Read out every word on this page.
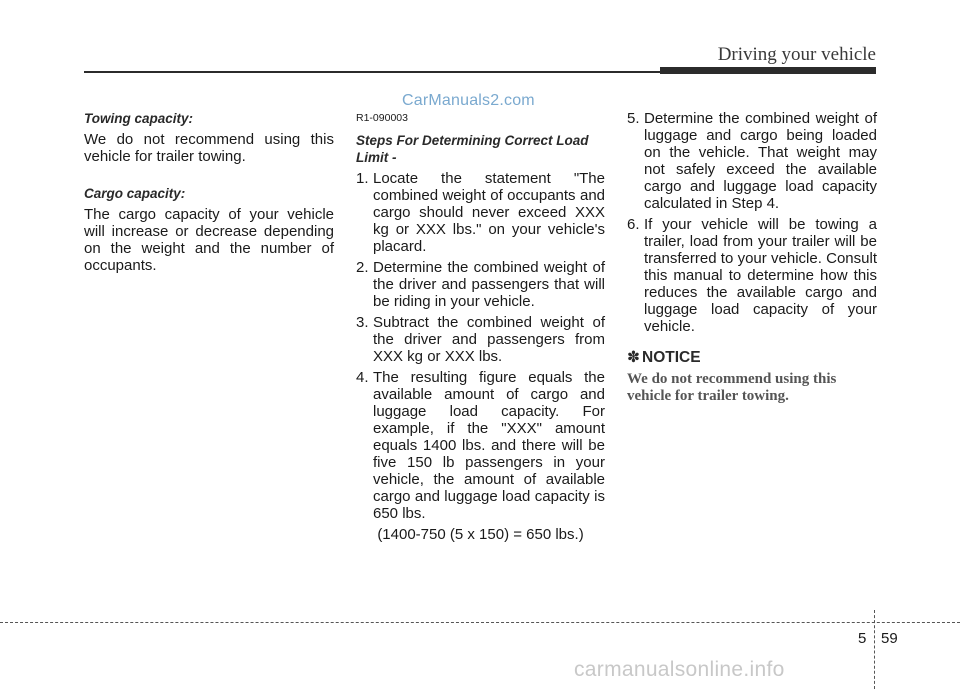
Driving your vehicle
CarManuals2.com
Towing capacity:
We do not recommend using this vehicle for trailer towing.
Cargo capacity:
The cargo capacity of your vehicle will increase or decrease depending on the weight and the number of occupants.
R1-090003
Steps For Determining Correct Load Limit -
1. Locate the statement "The combined weight of occupants and cargo should never exceed XXX kg or XXX lbs." on your vehicle's placard.
2. Determine the combined weight of the driver and passengers that will be riding in your vehicle.
3. Subtract the combined weight of the driver and passengers from XXX kg or XXX lbs.
4. The resulting figure equals the available amount of cargo and luggage load capacity. For example, if the "XXX" amount equals 1400 lbs. and there will be five 150 lb passengers in your vehicle, the amount of available cargo and luggage load capacity is 650 lbs.
(1400-750 (5 x 150) = 650 lbs.)
5. Determine the combined weight of luggage and cargo being loaded on the vehicle. That weight may not safely exceed the available cargo and luggage load capacity calculated in Step 4.
6. If your vehicle will be towing a trailer, load from your trailer will be transferred to your vehicle. Consult this manual to determine how this reduces the available cargo and luggage load capacity of your vehicle.
✽ NOTICE
We do not recommend using this vehicle for trailer towing.
5 59
carmanualsonline.info
